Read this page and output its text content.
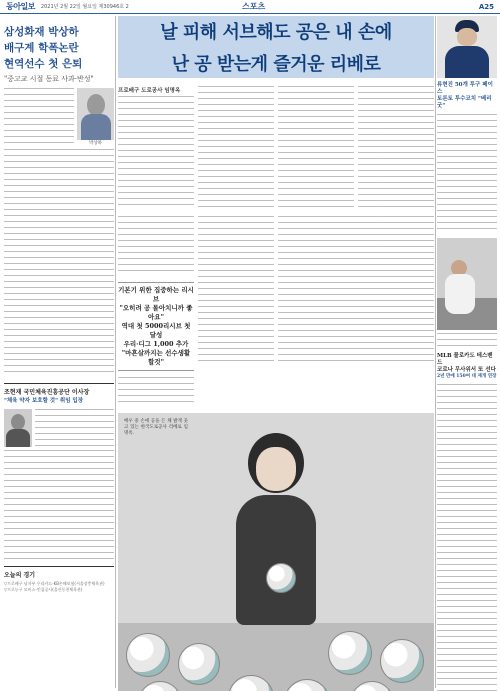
동아일보 2021년 2월 22일 월요일 제30946호 2	스포츠	A25
삼성화재 박상하
배구계 학폭논란
현역선수 첫 은퇴
"중고교 시절 동료 사과·반성"
박상하
조현재 국민체육진흥공단 이사장
"체육 약자 보호할 것" 취임 입장
오늘의 경기
▽프로배구 남자부 우리카드-KB손해보험(서울장충체육관)
▽프로농구 모비스-인삼공사(울산동천체육관)
날 피해 서브해도 공은 내 손에
난 공 받는게 즐거운 리베로
프로배구 도로공사 임명옥
기본기 위한 집중하는 리시브
"오히려 공 몰아치니까 좋아요"
역대 첫 5000리시브 첫 달성
우리·디그 1,000 추가
"마흔살까지는 선수생활 할것"
배우 중 손에 공을 든 채 밝게 웃고 있는 한국도로공사 리베로 임명옥.
류현진 50개 투구 페이스
토론토 투수코치 "베리굿"
MLB 물로카도 테스벤드
코로나 무사위서 또 선다
2년 만에 150여 대 재개 연장
